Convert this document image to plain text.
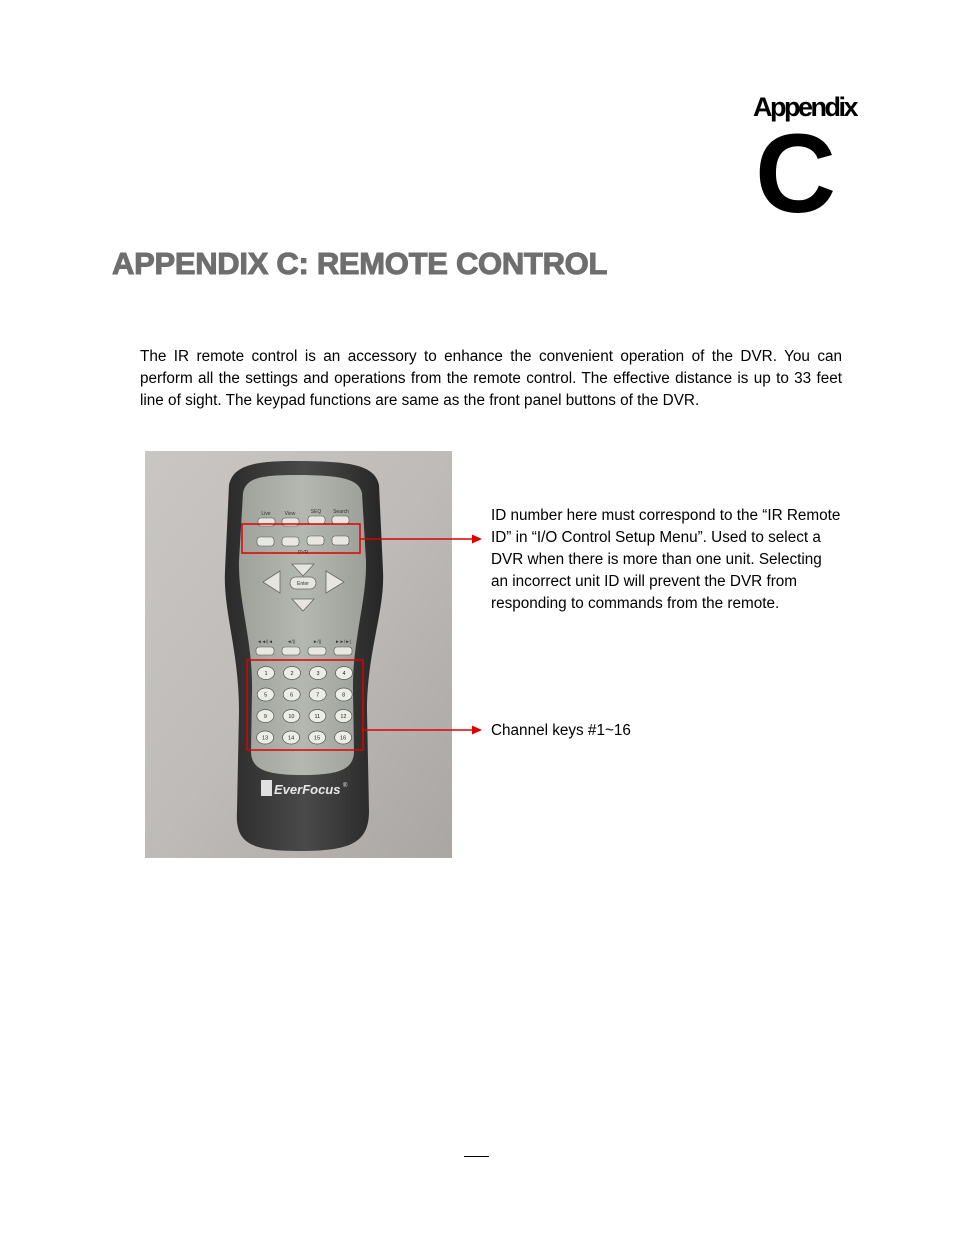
Appendix
C
APPENDIX C: REMOTE CONTROL

The IR remote control is an accessory to enhance the convenient operation of the DVR. You can perform all the settings and operations from the remote control. The effective distance is up to 33 feet line of sight. The keypad functions are same as the front panel buttons of the DVR.

Live	View	SEQ Search
DVR
Enter
◄◄/|◄	◄/||	►/||	►►/►|
1	2	3	4
5	6	7	8
9	10	11	12
13	14	15	16
EverFocus ®

ID number here must correspond to the “IR Remote ID” in “I/O Control Setup Menu”. Used to select a DVR when there is more than one unit. Selecting an incorrect unit ID will prevent the DVR from responding to commands from the remote.

Channel keys #1~16
